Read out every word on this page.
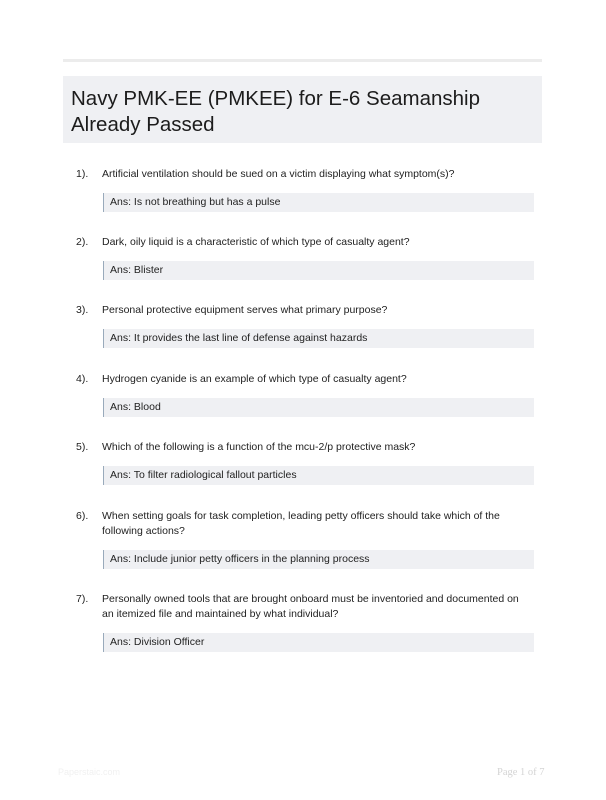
Navy PMK-EE (PMKEE) for E-6 Seamanship
Already Passed
1). Artificial ventilation should be sued on a victim displaying what symptom(s)?
Ans: Is not breathing but has a pulse
2). Dark, oily liquid is a characteristic of which type of casualty agent?
Ans: Blister
3). Personal protective equipment serves what primary purpose?
Ans: It provides the last line of defense against hazards
4). Hydrogen cyanide is an example of which type of casualty agent?
Ans: Blood
5). Which of the following is a function of the mcu-2/p protective mask?
Ans: To filter radiological fallout particles
6). When setting goals for task completion, leading petty officers should take which of the following actions?
Ans: Include junior petty officers in the planning process
7). Personally owned tools that are brought onboard must be inventoried and documented on an itemized file and maintained by what individual?
Ans: Division Officer
Paperstaic.com	Page 1 of 7
